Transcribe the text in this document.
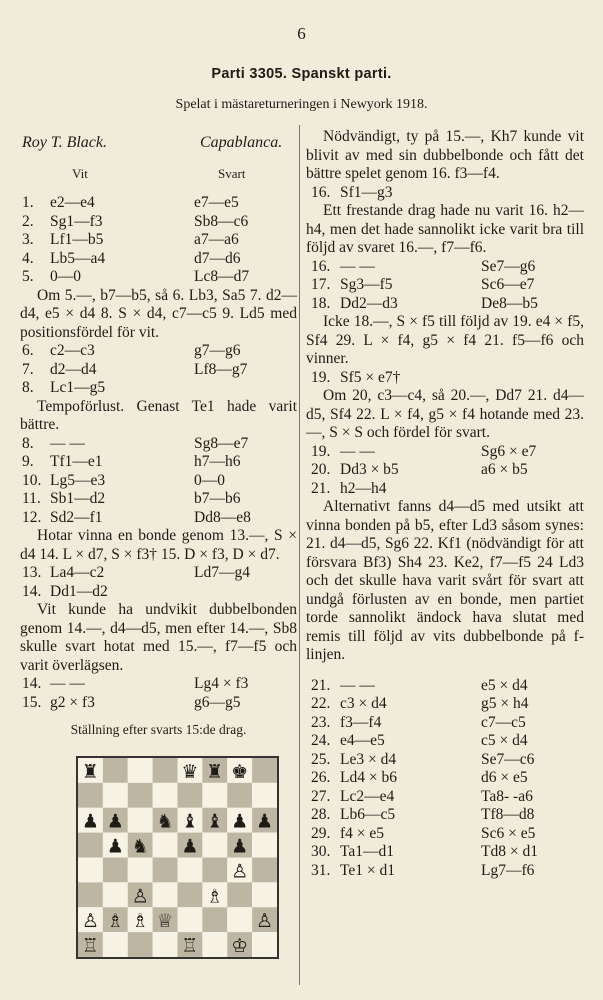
6
Parti 3305. Spanskt parti.
Spelat i mästareturneringen i Newyork 1918.
Roy T. Black.	Capablanca.
Vit	Svart
1.	e2—e4	e7—e5
2.	Sg1—f3	Sb8—c6
3.	Lf1—b5	a7—a6
4.	Lb5—a4	d7—d6
5.	0—0	Lc8—d7
Om 5.—, b7—b5, så 6. Lb3, Sa5 7. d2—d4, e5 × d4 8. S × d4, c7—c5 9. Ld5 med positionsfördel för vit.
6.	c2—c3	g7—g6
7.	d2—d4	Lf8—g7
8.	Lc1—g5
Tempoförlust. Genast Te1 hade varit bättre.
8.	— —	Sg8—e7
9.	Tf1—e1	h7—h6
10. Lg5—e3	0—0
11. Sb1—d2	b7—b6
12. Sd2—f1	Dd8—e8
Hotar vinna en bonde genom 13.—, S × d4 14. L × d7, S × f3† 15. D × f3, D × d7.
13. La4—c2	Ld7—g4
14. Dd1—d2
Vit kunde ha undvikit dubbelbonden genom 14.—, d4—d5, men efter 14.—, Sb8 skulle svart hotat med 15.—, f7—f5 och varit överlägsen.
14. — —	Lg4 × f3
15. g2 × f3	g6—g5
Ställning efter svarts 15:de drag.
♜	♛ ♜ ♚
♟ ♟ ♞ ♝ ♝ ♟ ♟
♟ ♞ ♟ ♟
♙
♙	♗
♙ ♗ ♗ ♕	♙
♖	♖ ♔
Nödvändigt, ty på 15.—, Kh7 kunde vit blivit av med sin dubbelbonde och fått det bättre spelet genom 16. f3—f4.
16. Sf1—g3
Ett frestande drag hade nu varit 16. h2—h4, men det hade sannolikt icke varit bra till följd av svaret 16.—, f7—f6.
16. — —	Se7—g6
17. Sg3—f5	Sc6—e7
18. Dd2—d3	De8—b5
Icke 18.—, S × f5 till följd av 19. e4 × f5, Sf4 29. L × f4, g5 × f4 21. f5—f6 och vinner.
19. Sf5 × e7†
Om 20, c3—c4, så 20.—, Dd7 21. d4—d5, Sf4 22. L × f4, g5 × f4 hotande med 23.—, S × S och fördel för svart.
19. — —	Sg6 × e7
20. Dd3 × b5	a6 × b5
21. h2—h4
Alternativt fanns d4—d5 med utsikt att vinna bonden på b5, efter Ld3 såsom synes: 21. d4—d5, Sg6 22. Kf1 (nödvändigt för att försvara Bf3) Sh4 23. Ke2, f7—f5 24 Ld3 och det skulle hava varit svårt för svart att undgå förlusten av en bonde, men partiet torde sannolikt ändock hava slutat med remis till följd av vits dubbelbonde på f-linjen.
21. — —	e5 × d4
22. c3 × d4	g5 × h4
23. f3—f4	c7—c5
24. e4—e5	c5 × d4
25. Le3 × d4	Se7—c6
26. Ld4 × b6	d6 × e5
27. Lc2—e4	Ta8- -a6
28. Lb6—c5	Tf8—d8
29. f4 × e5	Sc6 × e5
30. Ta1—d1	Td8 × d1
31. Te1 × d1	Lg7—f6
